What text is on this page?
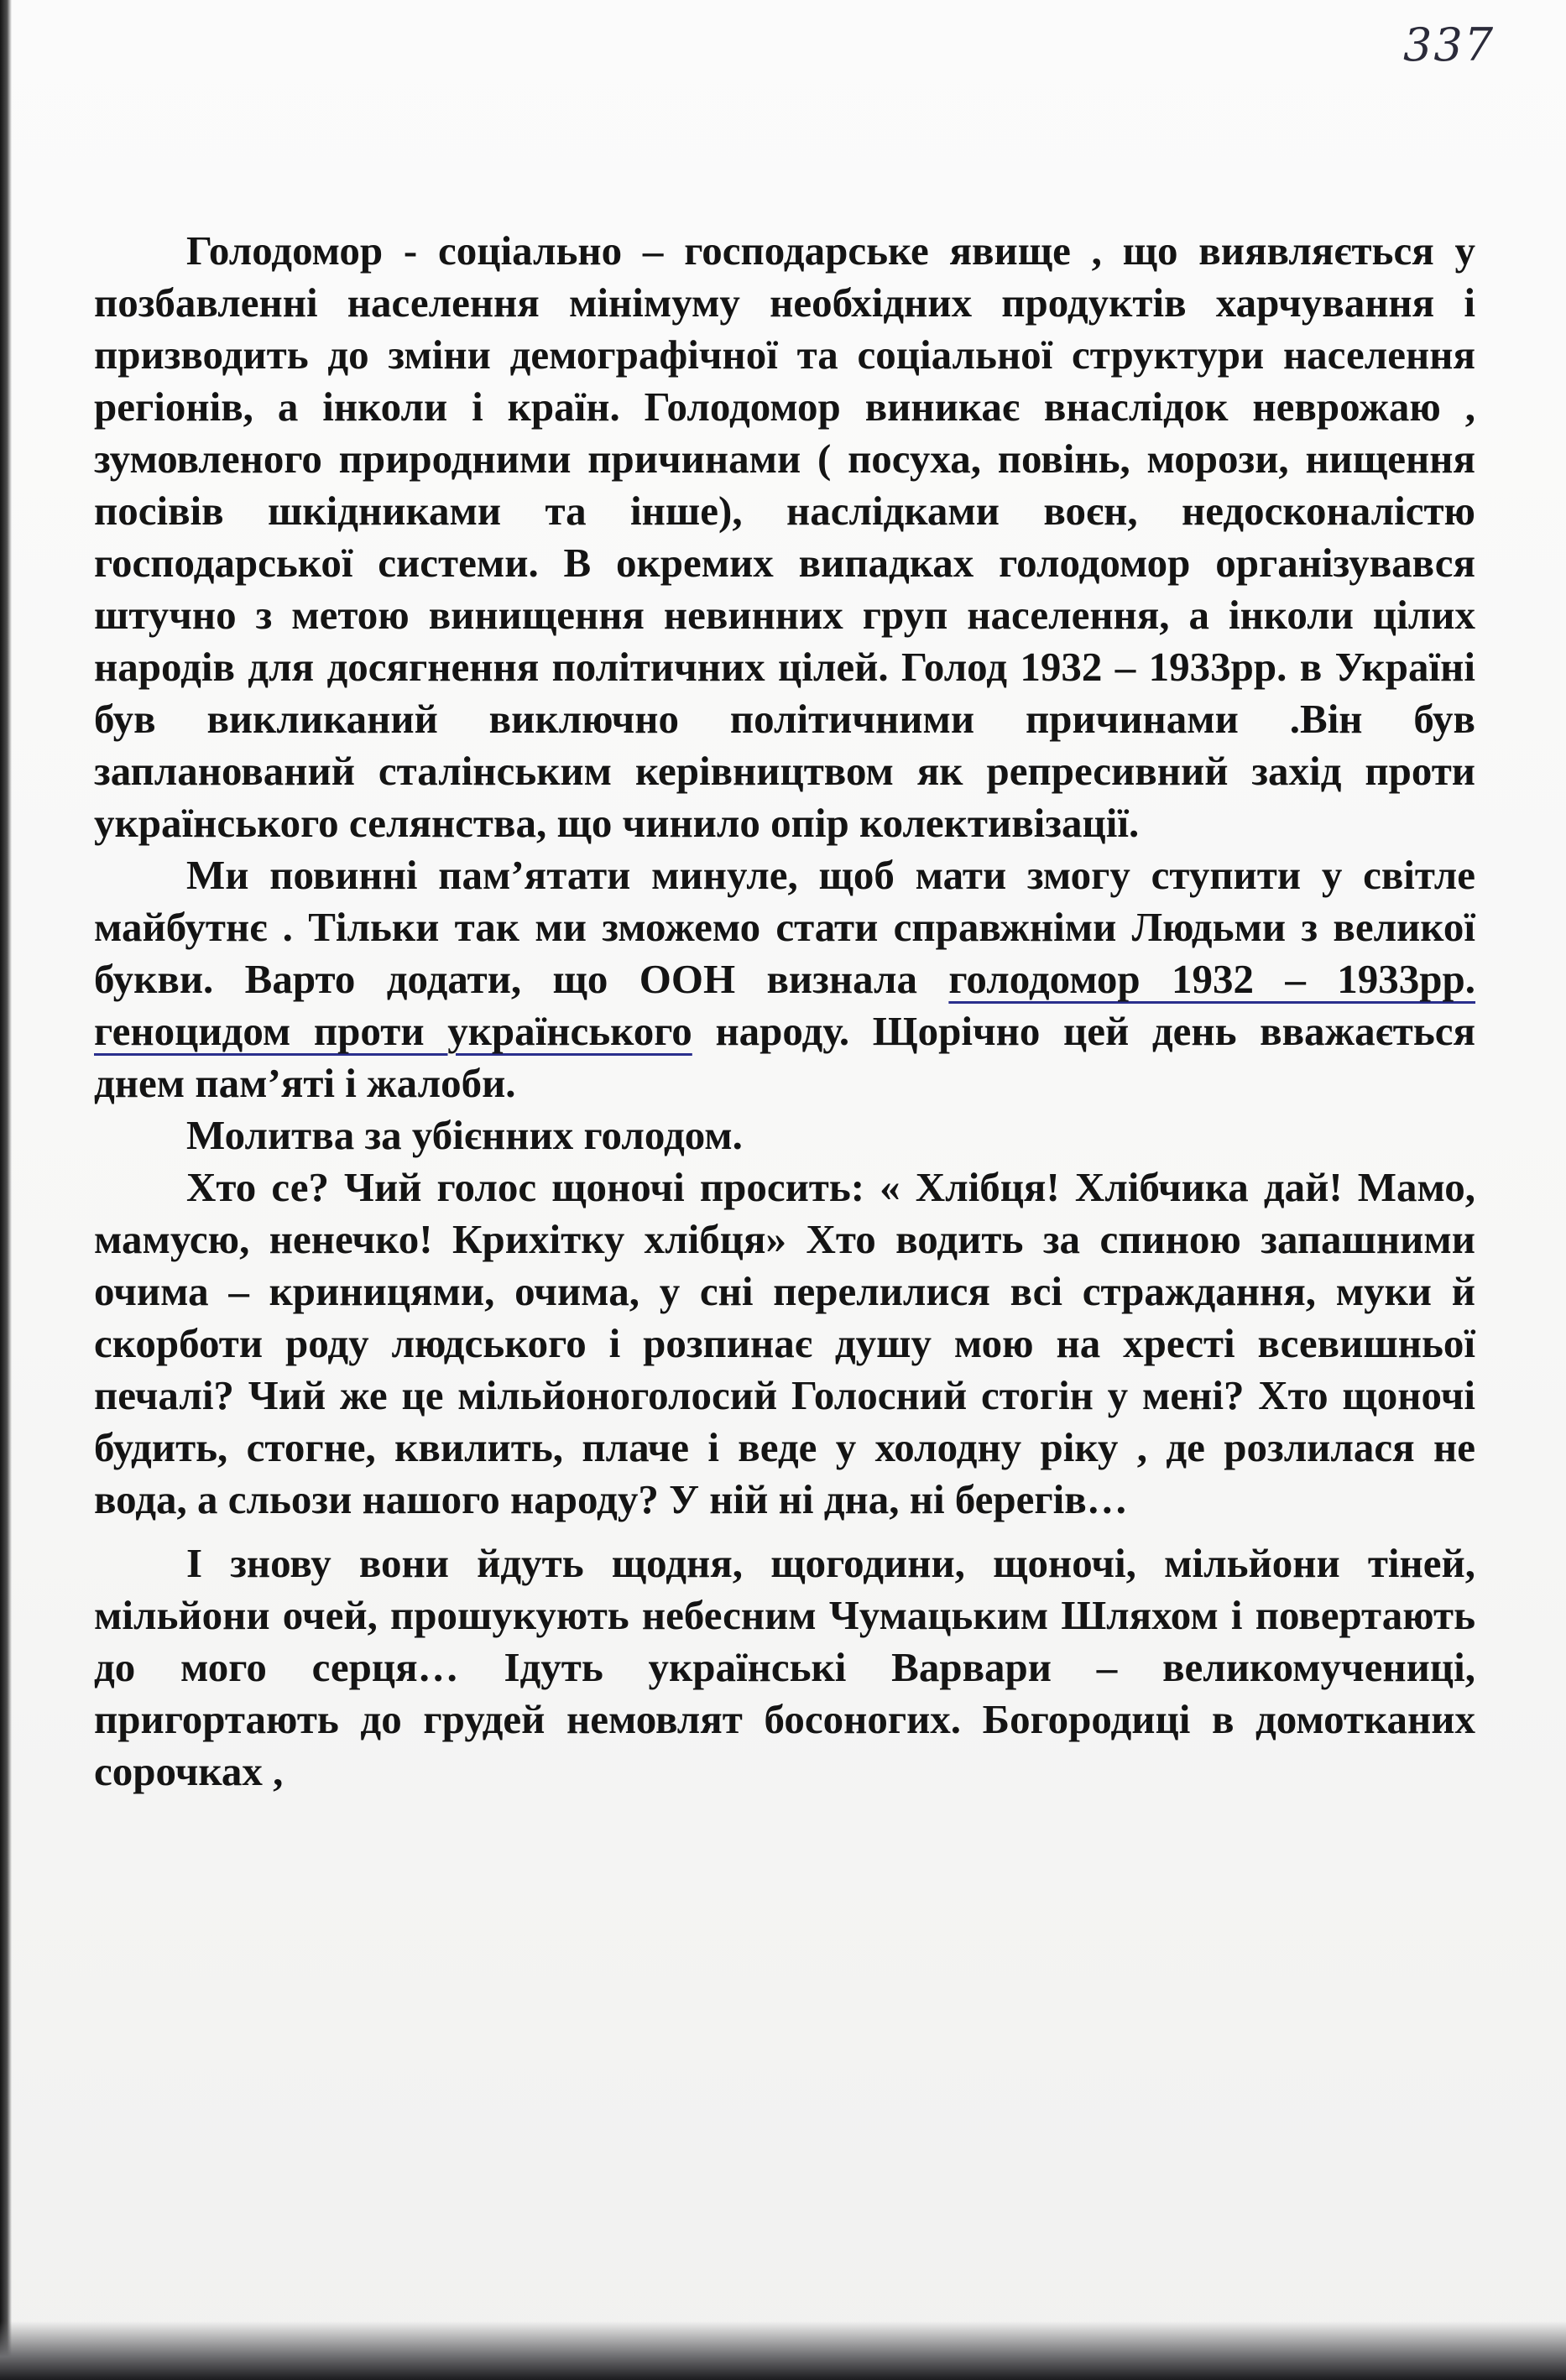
337

Голодомор - соціально – господарське явище , що виявляється у позбавленні населення мінімуму необхідних продуктів харчування і призводить до зміни демографічної та соціальної структури населення регіонів, а інколи і країн. Голодомор виникає внаслідок неврожаю , зумовленого природними причинами ( посуха, повінь, морози, нищення посівів шкідниками та інше), наслідками воєн, недосконалістю господарської системи. В окремих випадках голодомор організувався штучно з метою винищення невинних груп населення, а інколи цілих народів для досягнення політичних цілей. Голод 1932 – 1933рр. в Україні був викликаний виключно політичними причинами .Він був запланований сталінським керівництвом як репресивний захід проти українського селянства, що чинило опір колективізації.

Ми повинні пам’ятати минуле, щоб мати змогу ступити у світле майбутнє . Тільки так ми зможемо стати справжніми Людьми з великої букви. Варто додати, що ООН визнала голодомор 1932 – 1933рр. геноцидом проти українського народу. Щорічно цей день вважається днем пам’яті і жалоби.

Молитва за убієнних голодом.

Хто се? Чий голос щоночі просить: « Хлібця! Хлібчика дай! Мамо, мамусю, ненечко! Крихітку хлібця» Хто водить за спиною запашними очима – криницями, очима, у сні перелилися всі страждання, муки й скорботи роду людського і розпинає душу мою на хресті всевишньої печалі? Чий же це мільйоноголосий Голосний стогін у мені? Хто щоночі будить, стогне, квилить, плаче і веде у холодну ріку , де розлилася не вода, а сльози нашого народу? У ній ні дна, ні берегів…

І знову вони йдуть щодня, щогодини, щоночі, мільйони тіней, мільйони очей, прошукують небесним Чумацьким Шляхом і повертають до мого серця… Ідуть українські Варвари – великомучениці, пригортають до грудей немовлят босоногих. Богородиці в домотканих сорочках ,
